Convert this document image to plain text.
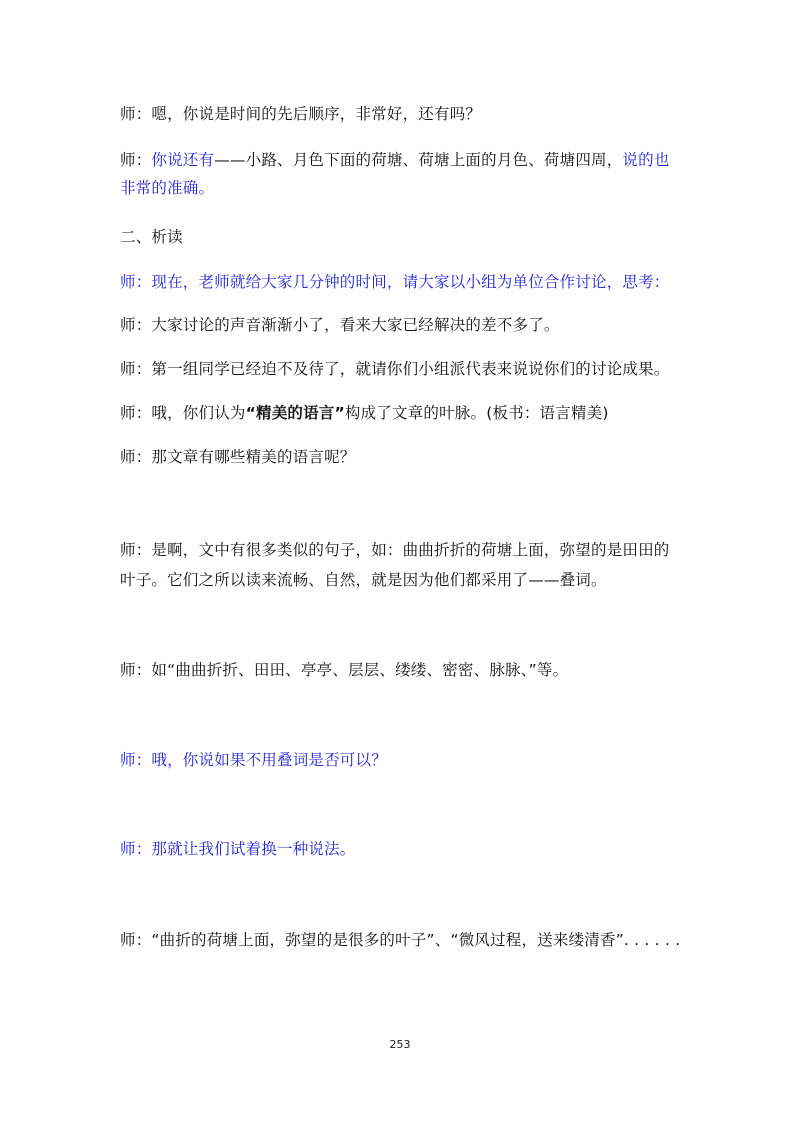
师：嗯，你说是时间的先后顺序，非常好，还有吗？
师：你说还有——小路、月色下面的荷塘、荷塘上面的月色、荷塘四周，说的也
非常的准确。
二、析读
师：现在，老师就给大家几分钟的时间，请大家以小组为单位合作讨论，思考：
师：大家讨论的声音渐渐小了，看来大家已经解决的差不多了。
师：第一组同学已经迫不及待了，就请你们小组派代表来说说你们的讨论成果。
师：哦，你们认为“精美的语言”构成了文章的叶脉。(板书：语言精美)
师：那文章有哪些精美的语言呢？
师：是啊，文中有很多类似的句子，如：曲曲折折的荷塘上面，弥望的是田田的
叶子。它们之所以读来流畅、自然，就是因为他们都采用了——叠词。
师：如“曲曲折折、田田、亭亭、层层、缕缕、密密、脉脉、”等。
师：哦，你说如果不用叠词是否可以？
师：那就让我们试着换一种说法。
师：“曲折的荷塘上面，弥望的是很多的叶子”、“微风过程，送来缕清香”. . . . . .
253
